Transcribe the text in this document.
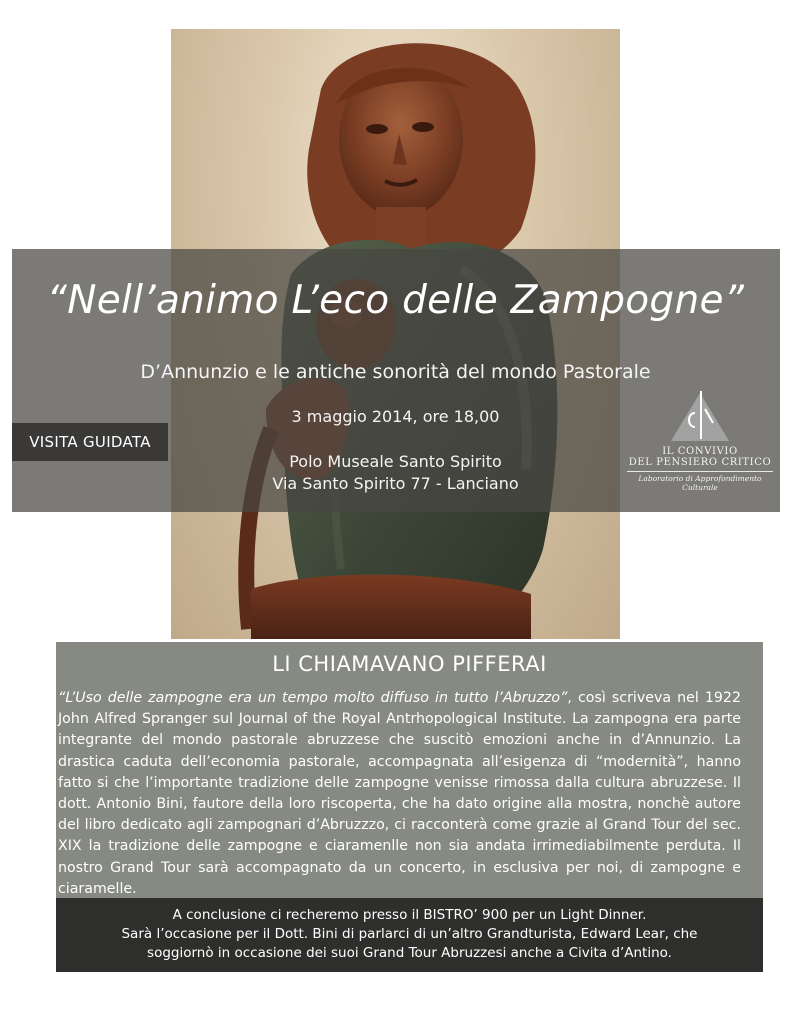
“Nell’animo L’eco delle Zampogne”
D’Annunzio e le antiche sonorità del mondo Pastorale
3 maggio 2014, ore 18,00
Polo Museale Santo Spirito
Via Santo Spirito 77 - Lanciano
VISITA GUIDATA
IL CONVIVIO
DEL PENSIERO CRITICO
Laboratorio di Approfondimento Culturale
LI CHIAMAVANO PIFFERAI
“L’Uso delle zampogne era un tempo molto diffuso in tutto l’Abruzzo”, così scriveva nel 1922 John Alfred Spranger sul Journal of the Royal Antrhopological Institute. La zampogna era parte integrante del mondo pastorale abruzzese che suscitò emozioni anche in d’Annunzio. La drastica caduta dell’economia pastorale, accompagnata all’esigenza di “modernità”, hanno fatto si che l’importante tradizione delle zampogne venisse rimossa dalla cultura abruzzese. Il dott. Antonio Bini, fautore della loro riscoperta, che ha dato origine alla mostra, nonchè autore del libro dedicato agli zampognari d’Abruzzzo, ci racconterà come grazie al Grand Tour del sec. XIX la tradizione delle zampogne e ciaramenlle non sia andata irrimediabilmente perduta. Il nostro Grand Tour sarà accompagnato da un concerto, in esclusiva per noi, di zampogne e ciaramelle.
A conclusione ci recheremo presso il BISTRO’ 900 per un Light Dinner.
Sarà l’occasione per il Dott. Bini di parlarci di un’altro Grandturista, Edward Lear, che
soggiornò in occasione dei suoi Grand Tour Abruzzesi anche a Civita d’Antino.
